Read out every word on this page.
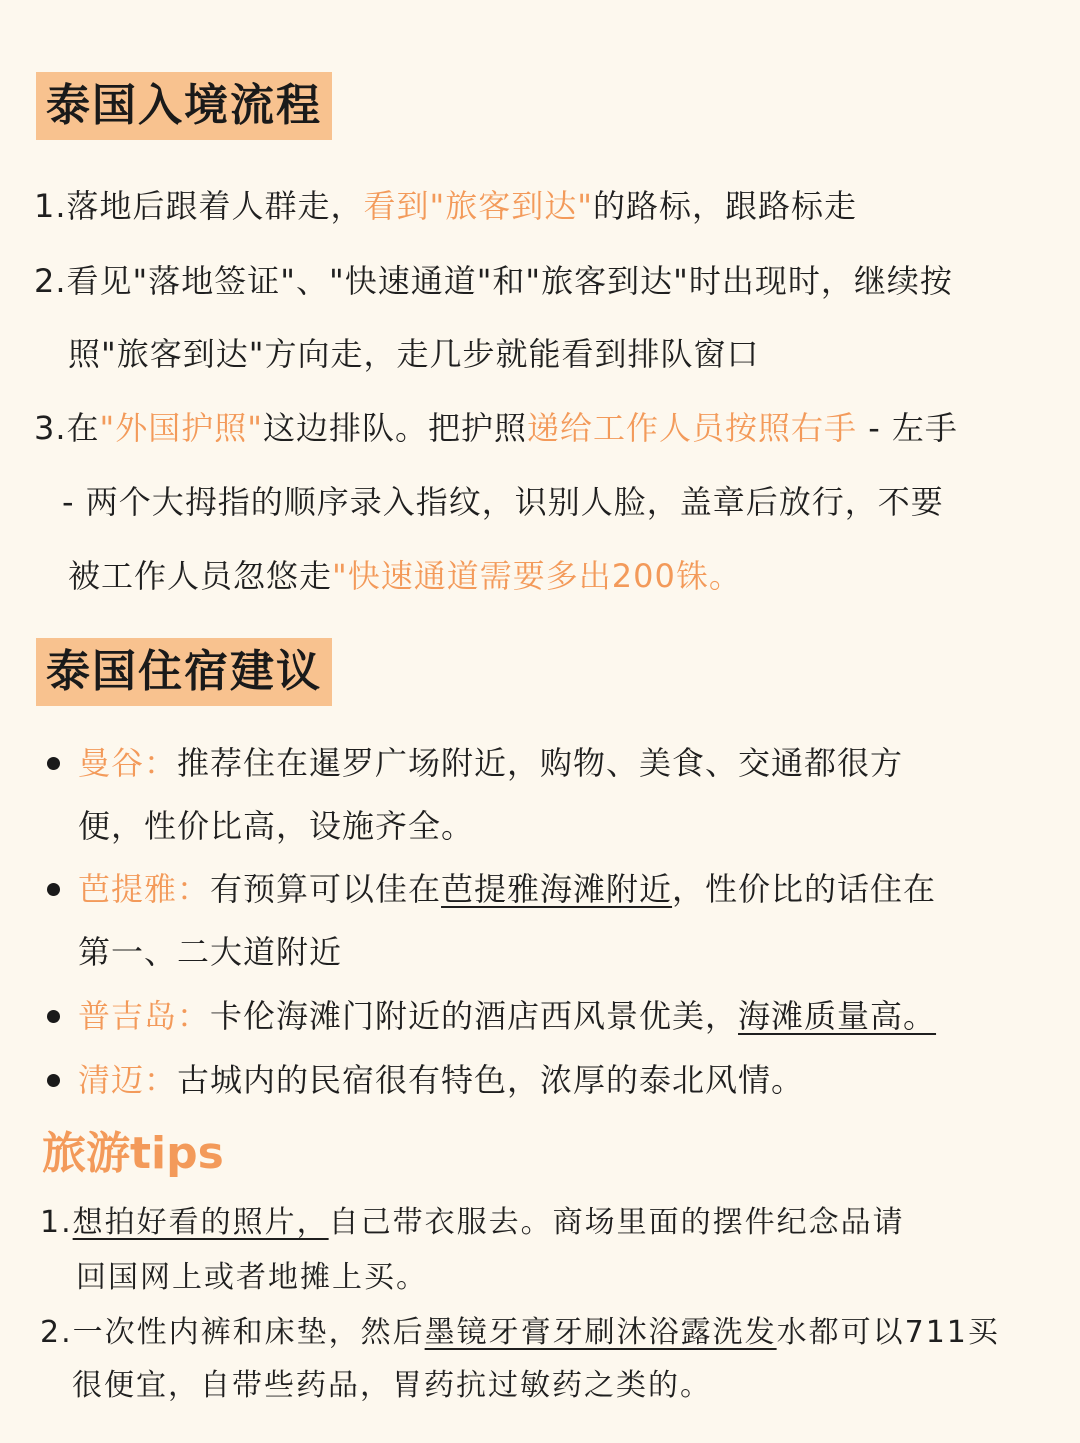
泰国入境流程
1.落地后跟着人群走，看到"旅客到达"的路标，跟路标走
2.看见"落地签证"、"快速通道"和"旅客到达"时出现时，继续按
照"旅客到达"方向走，走几步就能看到排队窗口
3.在"外国护照"这边排队。把护照递给工作人员按照右手 - 左手
- 两个大拇指的顺序录入指纹，识别人脸，盖章后放行，不要
被工作人员忽悠走"快速通道需要多出200铢。
泰国住宿建议
曼谷：推荐住在暹罗广场附近，购物、美食、交通都很方
便，性价比高，设施齐全。
芭提雅：有预算可以佳在芭提雅海滩附近，性价比的话住在
第一、二大道附近
普吉岛：卡伦海滩门附近的酒店西风景优美，海滩质量高。
清迈：古城内的民宿很有特色，浓厚的泰北风情。
旅游tips
1.想拍好看的照片，自己带衣服去。商场里面的摆件纪念品请
回国网上或者地摊上买。
2.一次性内裤和床垫，然后墨镜牙膏牙刷沐浴露洗发水都可以711买
很便宜，自带些药品，胃药抗过敏药之类的。
